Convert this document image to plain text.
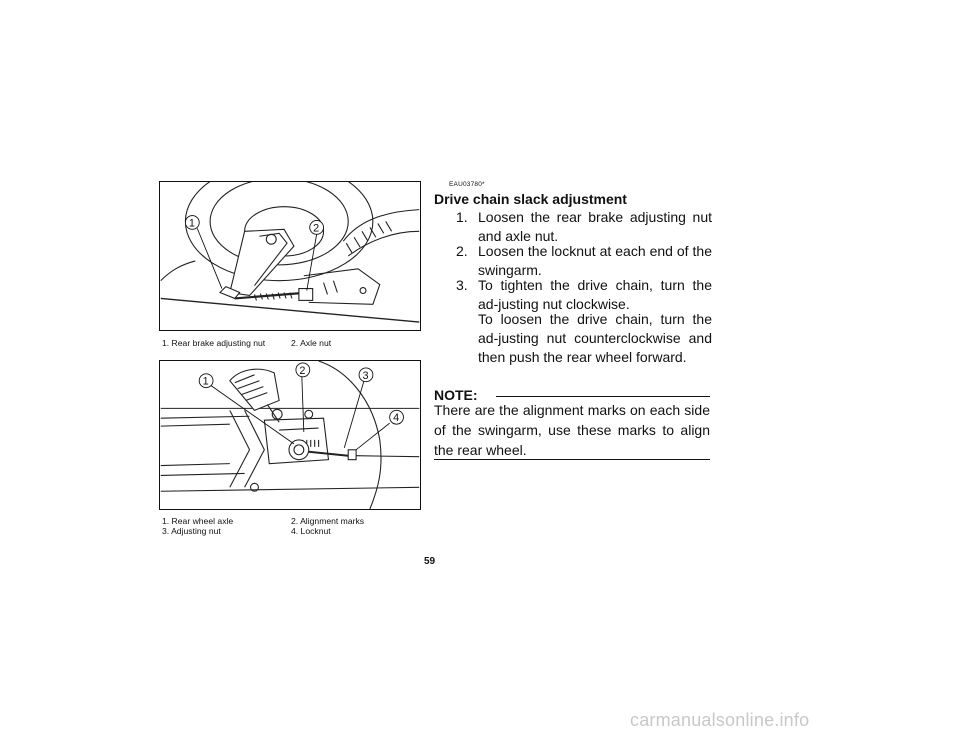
1	2
1. Rear brake adjusting nut	2. Axle nut
1
2	3
4
1. Rear wheel axle	2. Alignment marks
3. Adjusting nut	4. Locknut
EAU03780*
Drive chain slack adjustment
1. Loosen the rear brake adjusting nut and axle nut.
2. Loosen the locknut at each end of the swingarm.
3. To tighten the drive chain, turn the ad-justing nut clockwise.
To loosen the drive chain, turn the ad-justing nut counterclockwise and then push the rear wheel forward.
NOTE:
There are the alignment marks on each side of the swingarm, use these marks to align the rear wheel.
59
carmanualsonline.info
